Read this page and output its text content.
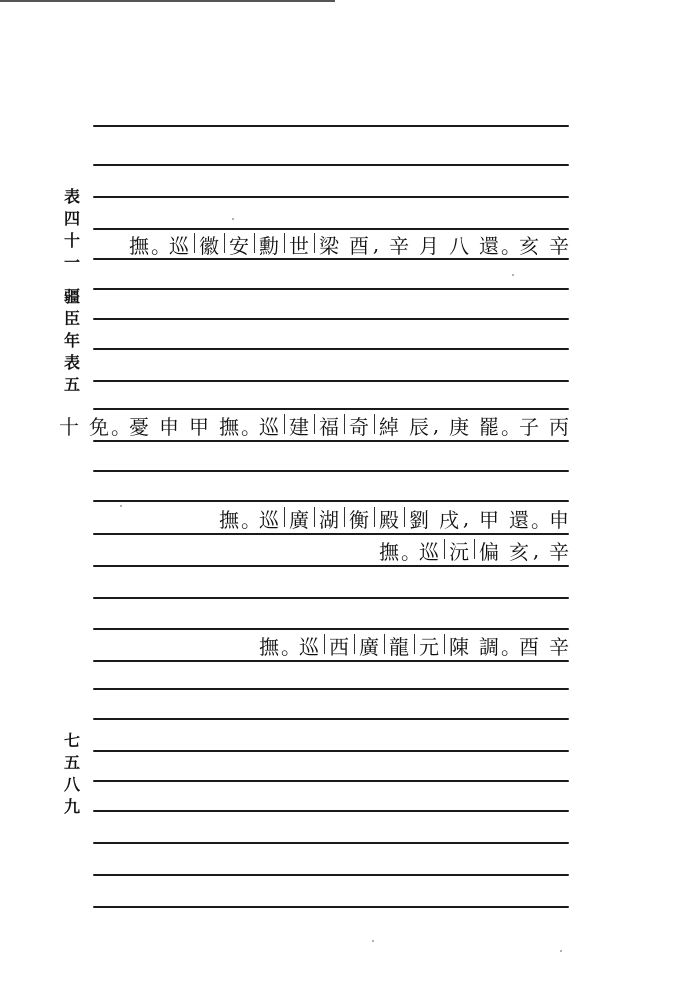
表
四
十
一
疆
臣
年
表
五
七
五
八
九
辛
亥
。
還
八
月
辛
,
酉
梁
世
勳
安
徽
巡
。
撫
丙
子
。
罷
庚
,
辰
綽
奇
福
建
巡
。
撫
甲
申
憂
。
免
十
申
。
還
甲
,
戌
劉
殿
衡
湖
廣
巡
。
撫
辛
,
亥
偏
沅
巡
。
撫
辛
酉
。
調
陳
元
龍
廣
西
巡
。
撫
